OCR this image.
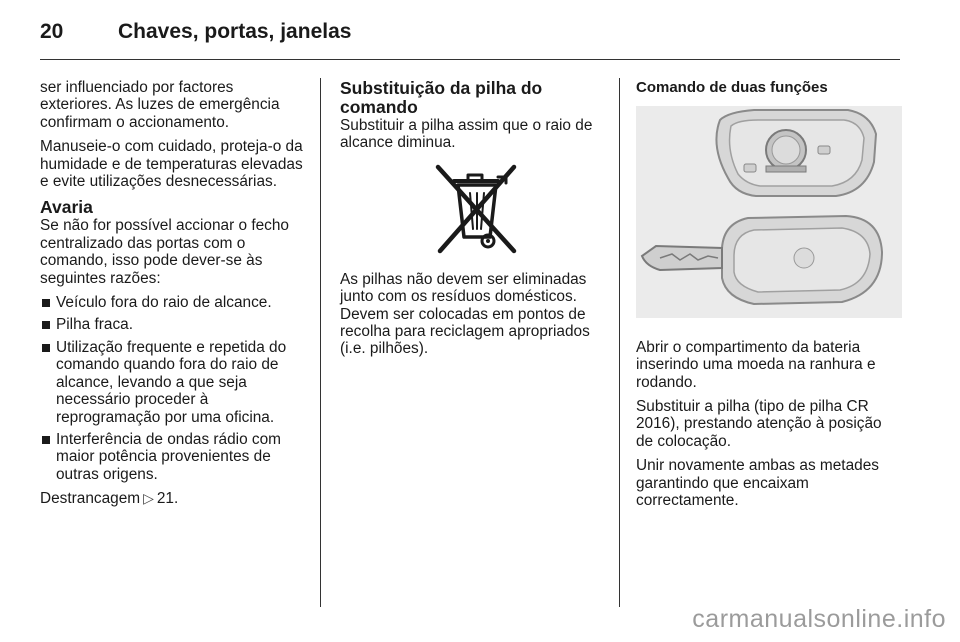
20	Chaves, portas, janelas

ser influenciado por factores exteriores. As luzes de emergência confirmam o accionamento.

Manuseie-o com cuidado, proteja-o da humidade e de temperaturas elevadas e evite utilizações desnecessárias.

Avaria

Se não for possível accionar o fecho centralizado das portas com o comando, isso pode dever-se às seguintes razões:

Veículo fora do raio de alcance.
Pilha fraca.
Utilização frequente e repetida do comando quando fora do raio de alcance, levando a que seja necessário proceder à reprogramação por uma oficina.
Interferência de ondas rádio com maior potência provenientes de outras origens.

Destrancagem ▷ 21.

Substituição da pilha do comando

Substituir a pilha assim que o raio de alcance diminua.

As pilhas não devem ser eliminadas junto com os resíduos domésticos. Devem ser colocadas em pontos de recolha para reciclagem apropriados (i.e. pilhões).

Comando de duas funções

Abrir o compartimento da bateria inserindo uma moeda na ranhura e rodando.

Substituir a pilha (tipo de pilha CR 2016), prestando atenção à posição de colocação.

Unir novamente ambas as metades garantindo que encaixam correctamente.

carmanualsonline.info
